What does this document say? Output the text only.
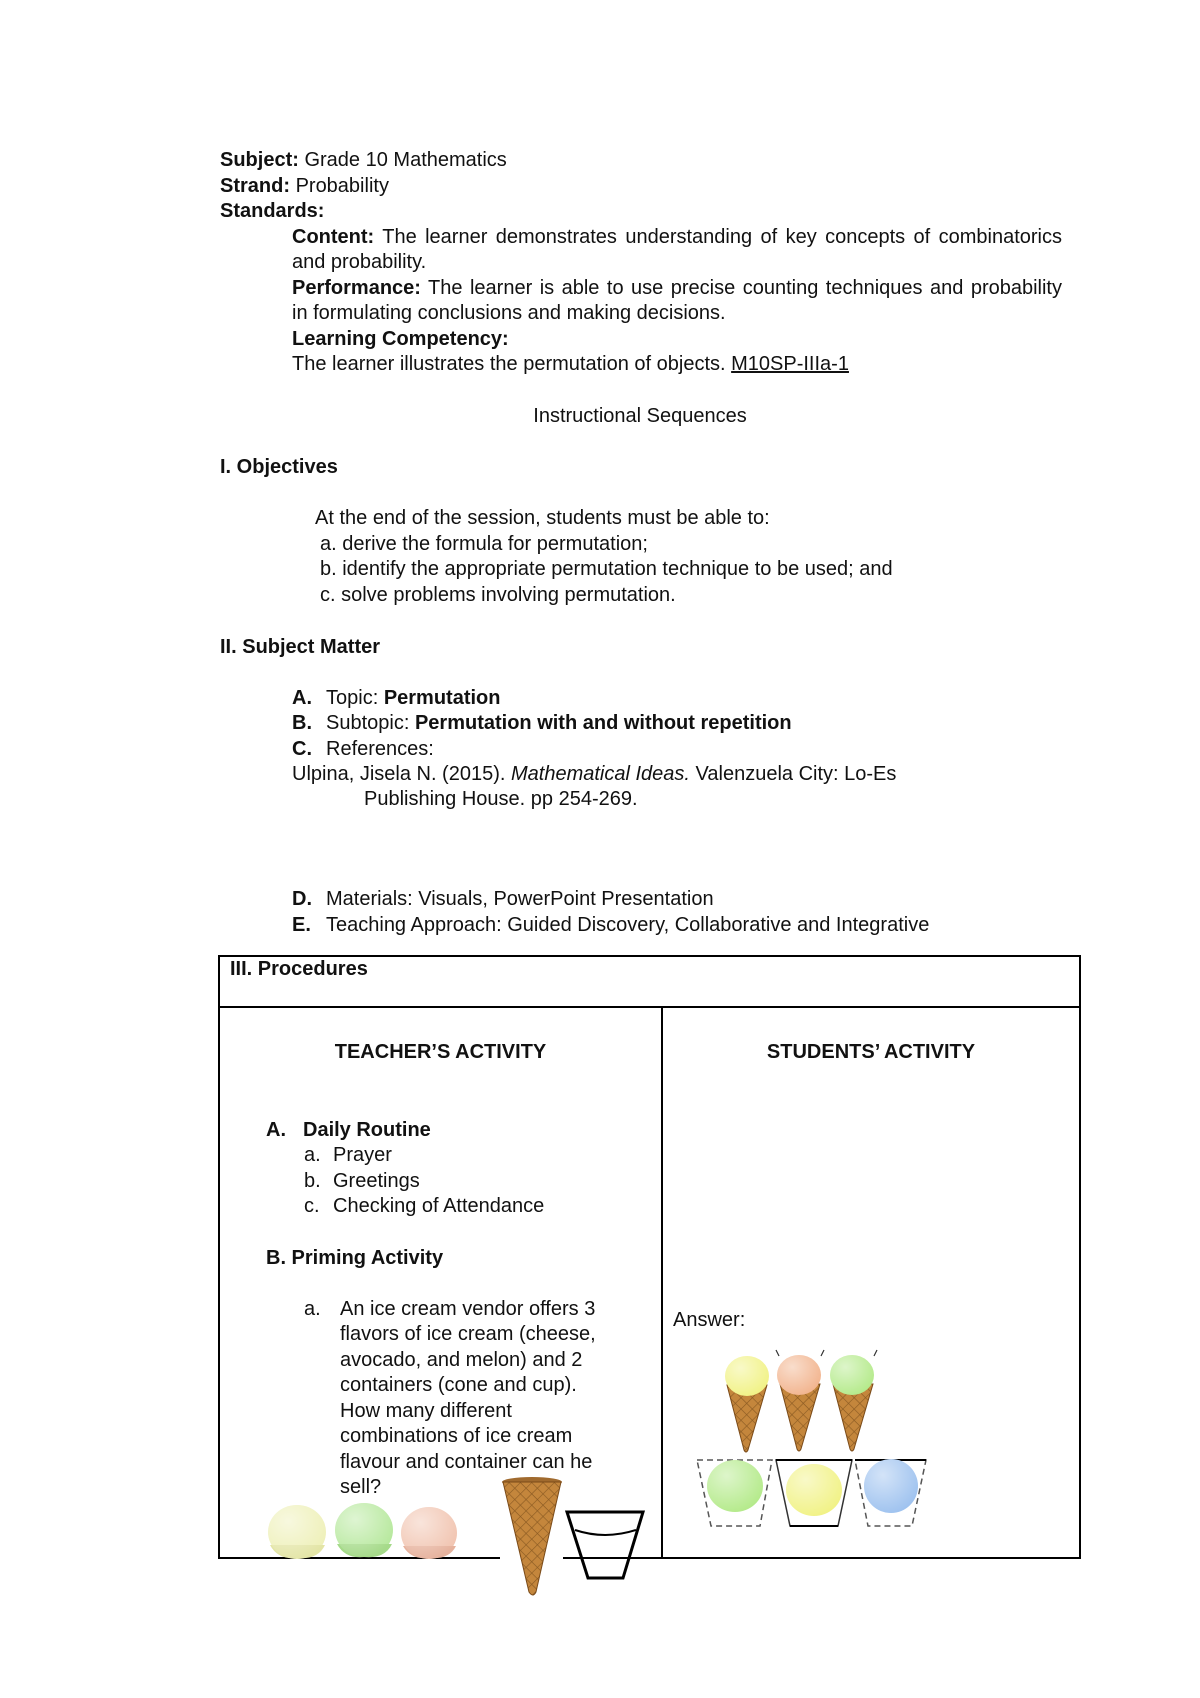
Subject: Grade 10 Mathematics
Strand: Probability
Standards:
Content: The learner demonstrates understanding of key concepts of combinatorics and probability.
Performance: The learner is able to use precise counting techniques and probability in formulating conclusions and making decisions.
Learning Competency:
The learner illustrates the permutation of objects. M10SP-IIIa-1
Instructional Sequences
I. Objectives
At the end of the session, students must be able to:
a. derive the formula for permutation;
b. identify the appropriate permutation technique to be used; and
c. solve problems involving permutation.
II. Subject Matter
A. Topic: Permutation
B. Subtopic: Permutation with and without repetition
C. References:
Ulpina, Jisela N. (2015). Mathematical Ideas. Valenzuela City: Lo-Es
Publishing House. pp 254-269.
D. Materials: Visuals, PowerPoint Presentation
E. Teaching Approach: Guided Discovery, Collaborative and Integrative
III. Procedures
TEACHER’S ACTIVITY	STUDENTS’ ACTIVITY
A. Daily Routine
a. Prayer
b. Greetings
c. Checking of Attendance
B. Priming Activity
a. An ice cream vendor offers 3
flavors of ice cream (cheese,
avocado, and melon) and 2
containers (cone and cup).
How many different
combinations of ice cream
flavour and container can he
sell?
Answer:
